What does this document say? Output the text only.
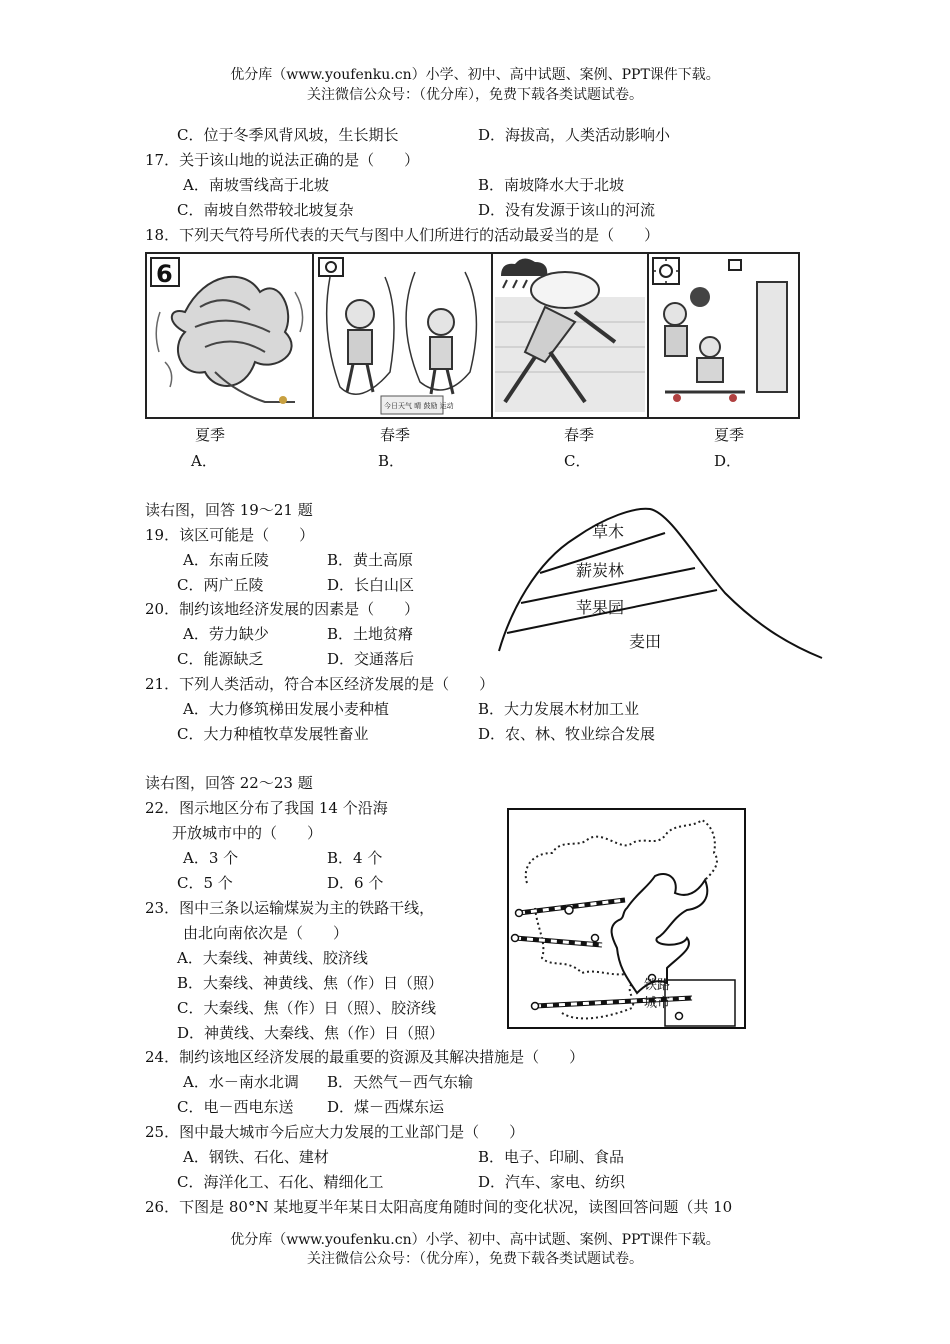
优分库（www.youfenku.cn）小学、初中、高中试题、案例、PPT课件下载。
关注微信公众号：（优分库），免费下载各类试题试卷。
C．位于冬季风背风坡，生长期长	D．海拔高，人类活动影响小
17．关于该山地的说法正确的是（　　）
A．南坡雪线高于北坡	B．南坡降水大于北坡
C．南坡自然带较北坡复杂	D．没有发源于该山的河流
18．下列天气符号所代表的天气与图中人们所进行的活动最妥当的是（　　）
6
今日天气 晴 鼓励 运动
夏季	春季	春季	夏季
A．	B．	C．	D．
读右图，回答 19～21 题
19．该区可能是（　　）
A．东南丘陵	B．黄土高原
C．两广丘陵	D．长白山区
20．制约该地经济发展的因素是（　　）
A．劳力缺少	B．土地贫瘠
C．能源缺乏	D．交通落后
21．下列人类活动，符合本区经济发展的是（　　）
A．大力修筑梯田发展小麦种植	B．大力发展木材加工业
C．大力种植牧草发展牲畜业	D．农、林、牧业综合发展
草木
薪炭林
苹果园
麦田
读右图，回答 22～23 题
22．图示地区分布了我国 14 个沿海
开放城市中的（　　）
A．3 个	B．4 个
C．5 个	D．6 个
23．图中三条以运输煤炭为主的铁路干线，
由北向南依次是（　　）
A．大秦线、神黄线、胶济线
B．大秦线、神黄线、焦（作）日（照）
C．大秦线、焦（作）日（照）、胶济线
D．神黄线、大秦线、焦（作）日（照）
铁路
城市
24．制约该地区经济发展的最重要的资源及其解决措施是（　　）
A．水－南水北调 B．天然气－西气东输
C．电－西电东送 D．煤－西煤东运
25．图中最大城市今后应大力发展的工业部门是（　　）
A．钢铁、石化、建材	B．电子、印刷、食品
C．海洋化工、石化、精细化工	D．汽车、家电、纺织
26．下图是 80°N 某地夏半年某日太阳高度角随时间的变化状况，读图回答问题（共 10
优分库（www.youfenku.cn）小学、初中、高中试题、案例、PPT课件下载。
关注微信公众号：（优分库），免费下载各类试题试卷。
